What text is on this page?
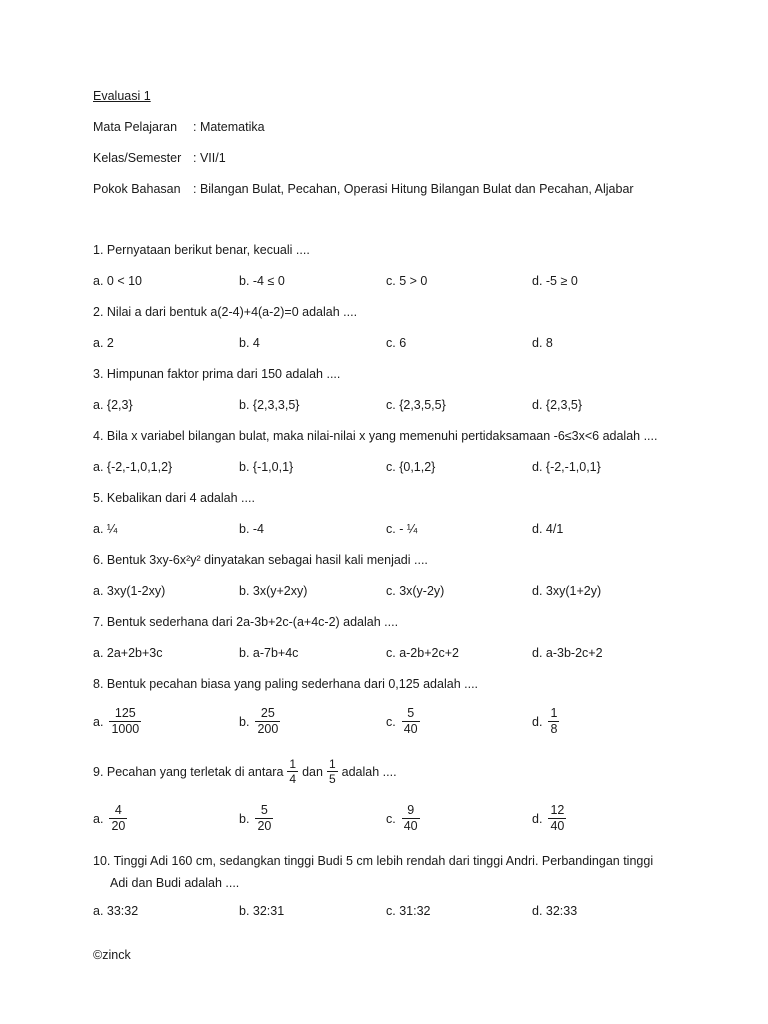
Evaluasi 1
Mata Pelajaran : Matematika
Kelas/Semester : VII/1
Pokok Bahasan : Bilangan Bulat, Pecahan, Operasi Hitung Bilangan Bulat dan Pecahan, Aljabar
1. Pernyataan berikut benar, kecuali ....
a. 0 < 10	b. -4 ≤ 0	c. 5 > 0	d. -5 ≥ 0
2. Nilai a dari bentuk a(2-4)+4(a-2)=0 adalah ....
a. 2	b. 4	c. 6	d. 8
3. Himpunan faktor prima dari 150 adalah ....
a. {2,3}	b. {2,3,3,5}	c. {2,3,5,5}	d. {2,3,5}
4. Bila x variabel bilangan bulat, maka nilai-nilai x yang memenuhi pertidaksamaan -6≤3x<6 adalah ....
a. {-2,-1,0,1,2}	b. {-1,0,1}	c. {0,1,2}	d. {-2,-1,0,1}
5. Kebalikan dari 4 adalah ....
a. ¼	b. -4	c. - ¼	d. 4/1
6. Bentuk 3xy-6x²y² dinyatakan sebagai hasil kali menjadi ....
a. 3xy(1-2xy)	b. 3x(y+2xy)	c. 3x(y-2y)	d. 3xy(1+2y)
7. Bentuk sederhana dari 2a-3b+2c-(a+4c-2) adalah ....
a. 2a+2b+3c	b. a-7b+4c	c. a-2b+2c+2	d. a-3b-2c+2
8. Bentuk pecahan biasa yang paling sederhana dari 0,125 adalah ....
a. $\frac{125}{1000}$	b. $\frac{25}{200}$	c. $\frac{5}{40}$	d. $\frac{1}{8}$
9. Pecahan yang terletak di antara $\frac{1}{4}$ dan $\frac{1}{5}$ adalah ....
a. $\frac{4}{20}$	b. $\frac{5}{20}$	c. $\frac{9}{40}$	d. $\frac{12}{40}$
10. Tinggi Adi 160 cm, sedangkan tinggi Budi 5 cm lebih rendah dari tinggi Andri. Perbandingan tinggi
Adi dan Budi adalah ....
a. 33:32	b. 32:31	c. 31:32	d. 32:33
©zinck
